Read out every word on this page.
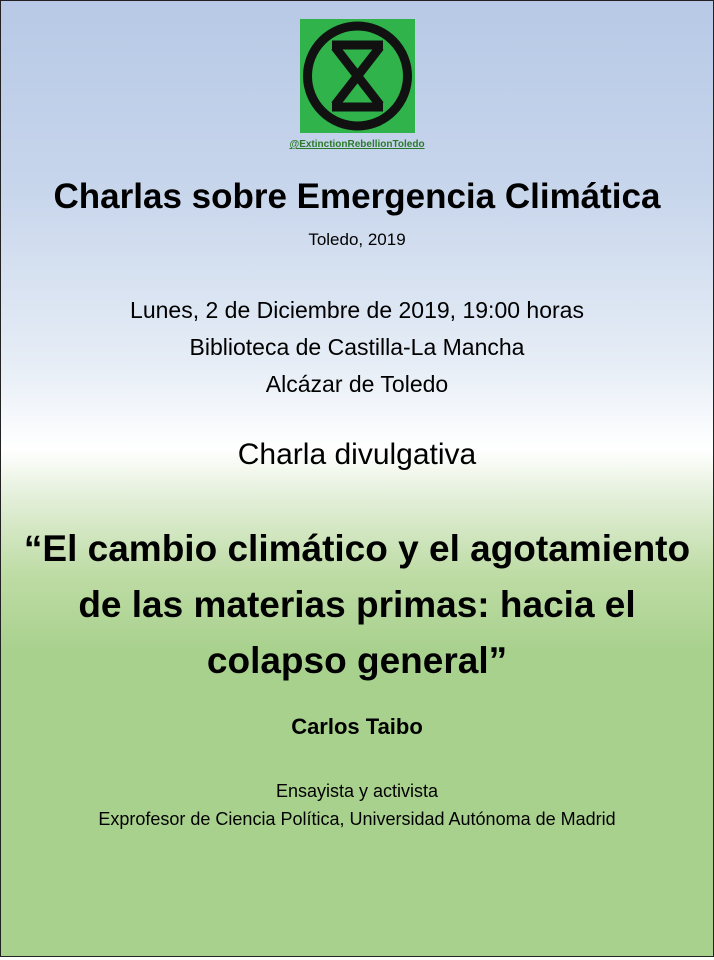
@ExtinctionRebellionToledo
Charlas sobre Emergencia Climática
Toledo, 2019
Lunes, 2 de Diciembre de 2019, 19:00 horas
Biblioteca de Castilla-La Mancha
Alcázar de Toledo
Charla divulgativa
“El cambio climático y el agotamiento
de las materias primas: hacia el
colapso general”
Carlos Taibo
Ensayista y activista
Exprofesor de Ciencia Política, Universidad Autónoma de Madrid
